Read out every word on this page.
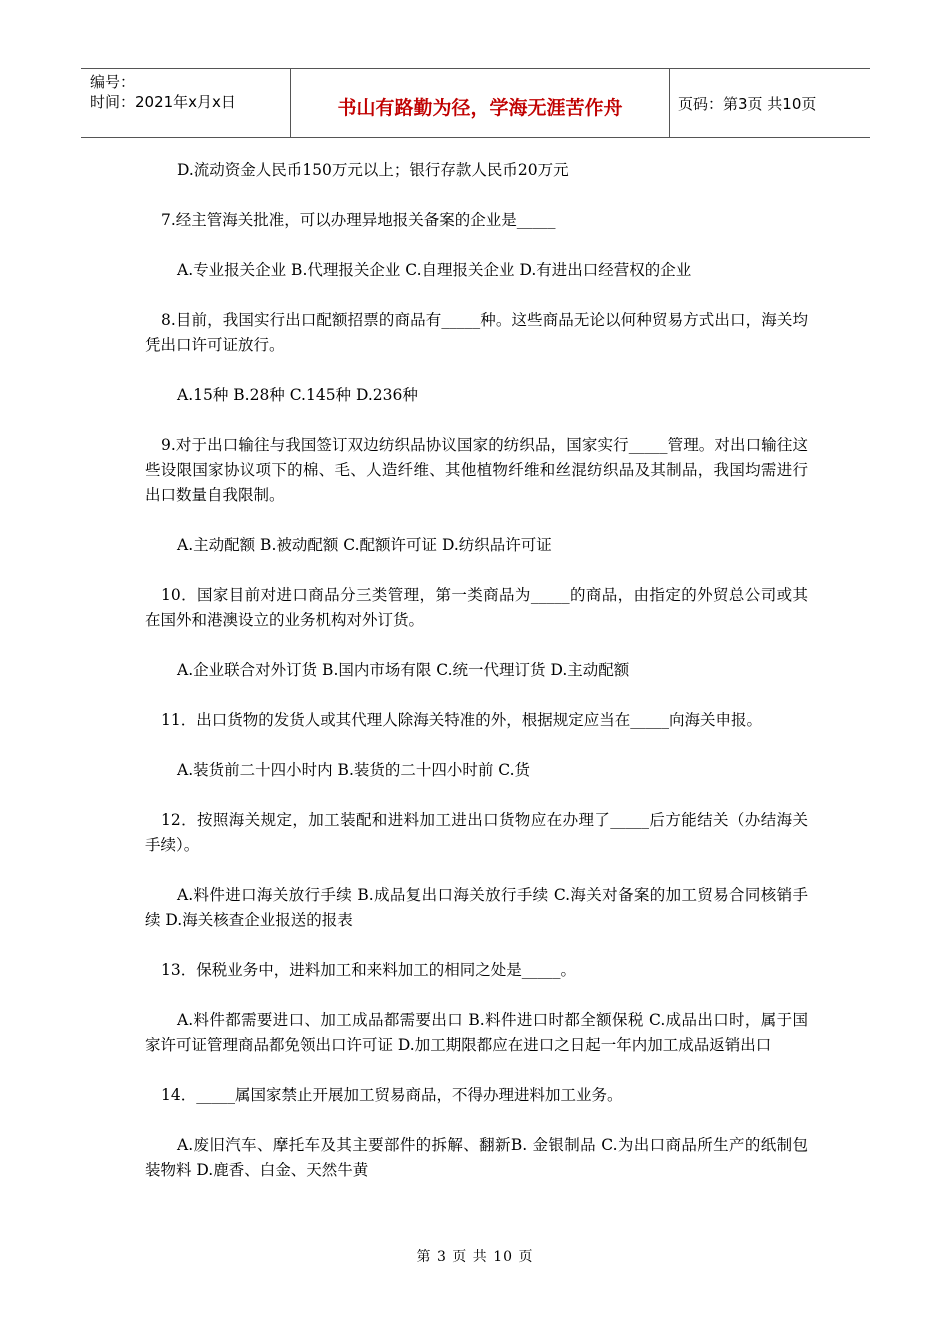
编号：
时间：2021年x月x日	书山有路勤为径，学海无涯苦作舟	页码：第3页 共10页

D.流动资金人民币150万元以上；银行存款人民币20万元

7.经主管海关批准，可以办理异地报关备案的企业是_____

A.专业报关企业 B.代理报关企业 C.自理报关企业 D.有进出口经营权的企业

8.目前，我国实行出口配额招票的商品有_____种。这些商品无论以何种贸易方式出口，海关均凭出口许可证放行。

A.15种 B.28种 C.145种 D.236种

9.对于出口输往与我国签订双边纺织品协议国家的纺织品，国家实行_____管理。对出口输往这些设限国家协议项下的棉、毛、人造纤维、其他植物纤维和丝混纺织品及其制品，我国均需进行出口数量自我限制。

A.主动配额 B.被动配额 C.配额许可证 D.纺织品许可证

10．国家目前对进口商品分三类管理，第一类商品为_____的商品，由指定的外贸总公司或其在国外和港澳设立的业务机构对外订货。

A.企业联合对外订货 B.国内市场有限 C.统一代理订货 D.主动配额

11．出口货物的发货人或其代理人除海关特准的外，根据规定应当在_____向海关申报。

A.装货前二十四小时内 B.装货的二十四小时前 C.货

12．按照海关规定，加工装配和进料加工进出口货物应在办理了_____后方能结关（办结海关手续）。

A.料件进口海关放行手续 B.成品复出口海关放行手续 C.海关对备案的加工贸易合同核销手续 D.海关核查企业报送的报表

13．保税业务中，进料加工和来料加工的相同之处是_____。

A.料件都需要进口、加工成品都需要出口 B.料件进口时都全额保税 C.成品出口时，属于国家许可证管理商品都免领出口许可证 D.加工期限都应在进口之日起一年内加工成品返销出口

14．_____属国家禁止开展加工贸易商品，不得办理进料加工业务。

A.废旧汽车、摩托车及其主要部件的拆解、翻新B. 金银制品 C.为出口商品所生产的纸制包装物料 D.鹿香、白金、天然牛黄

第 3 页 共 10 页
